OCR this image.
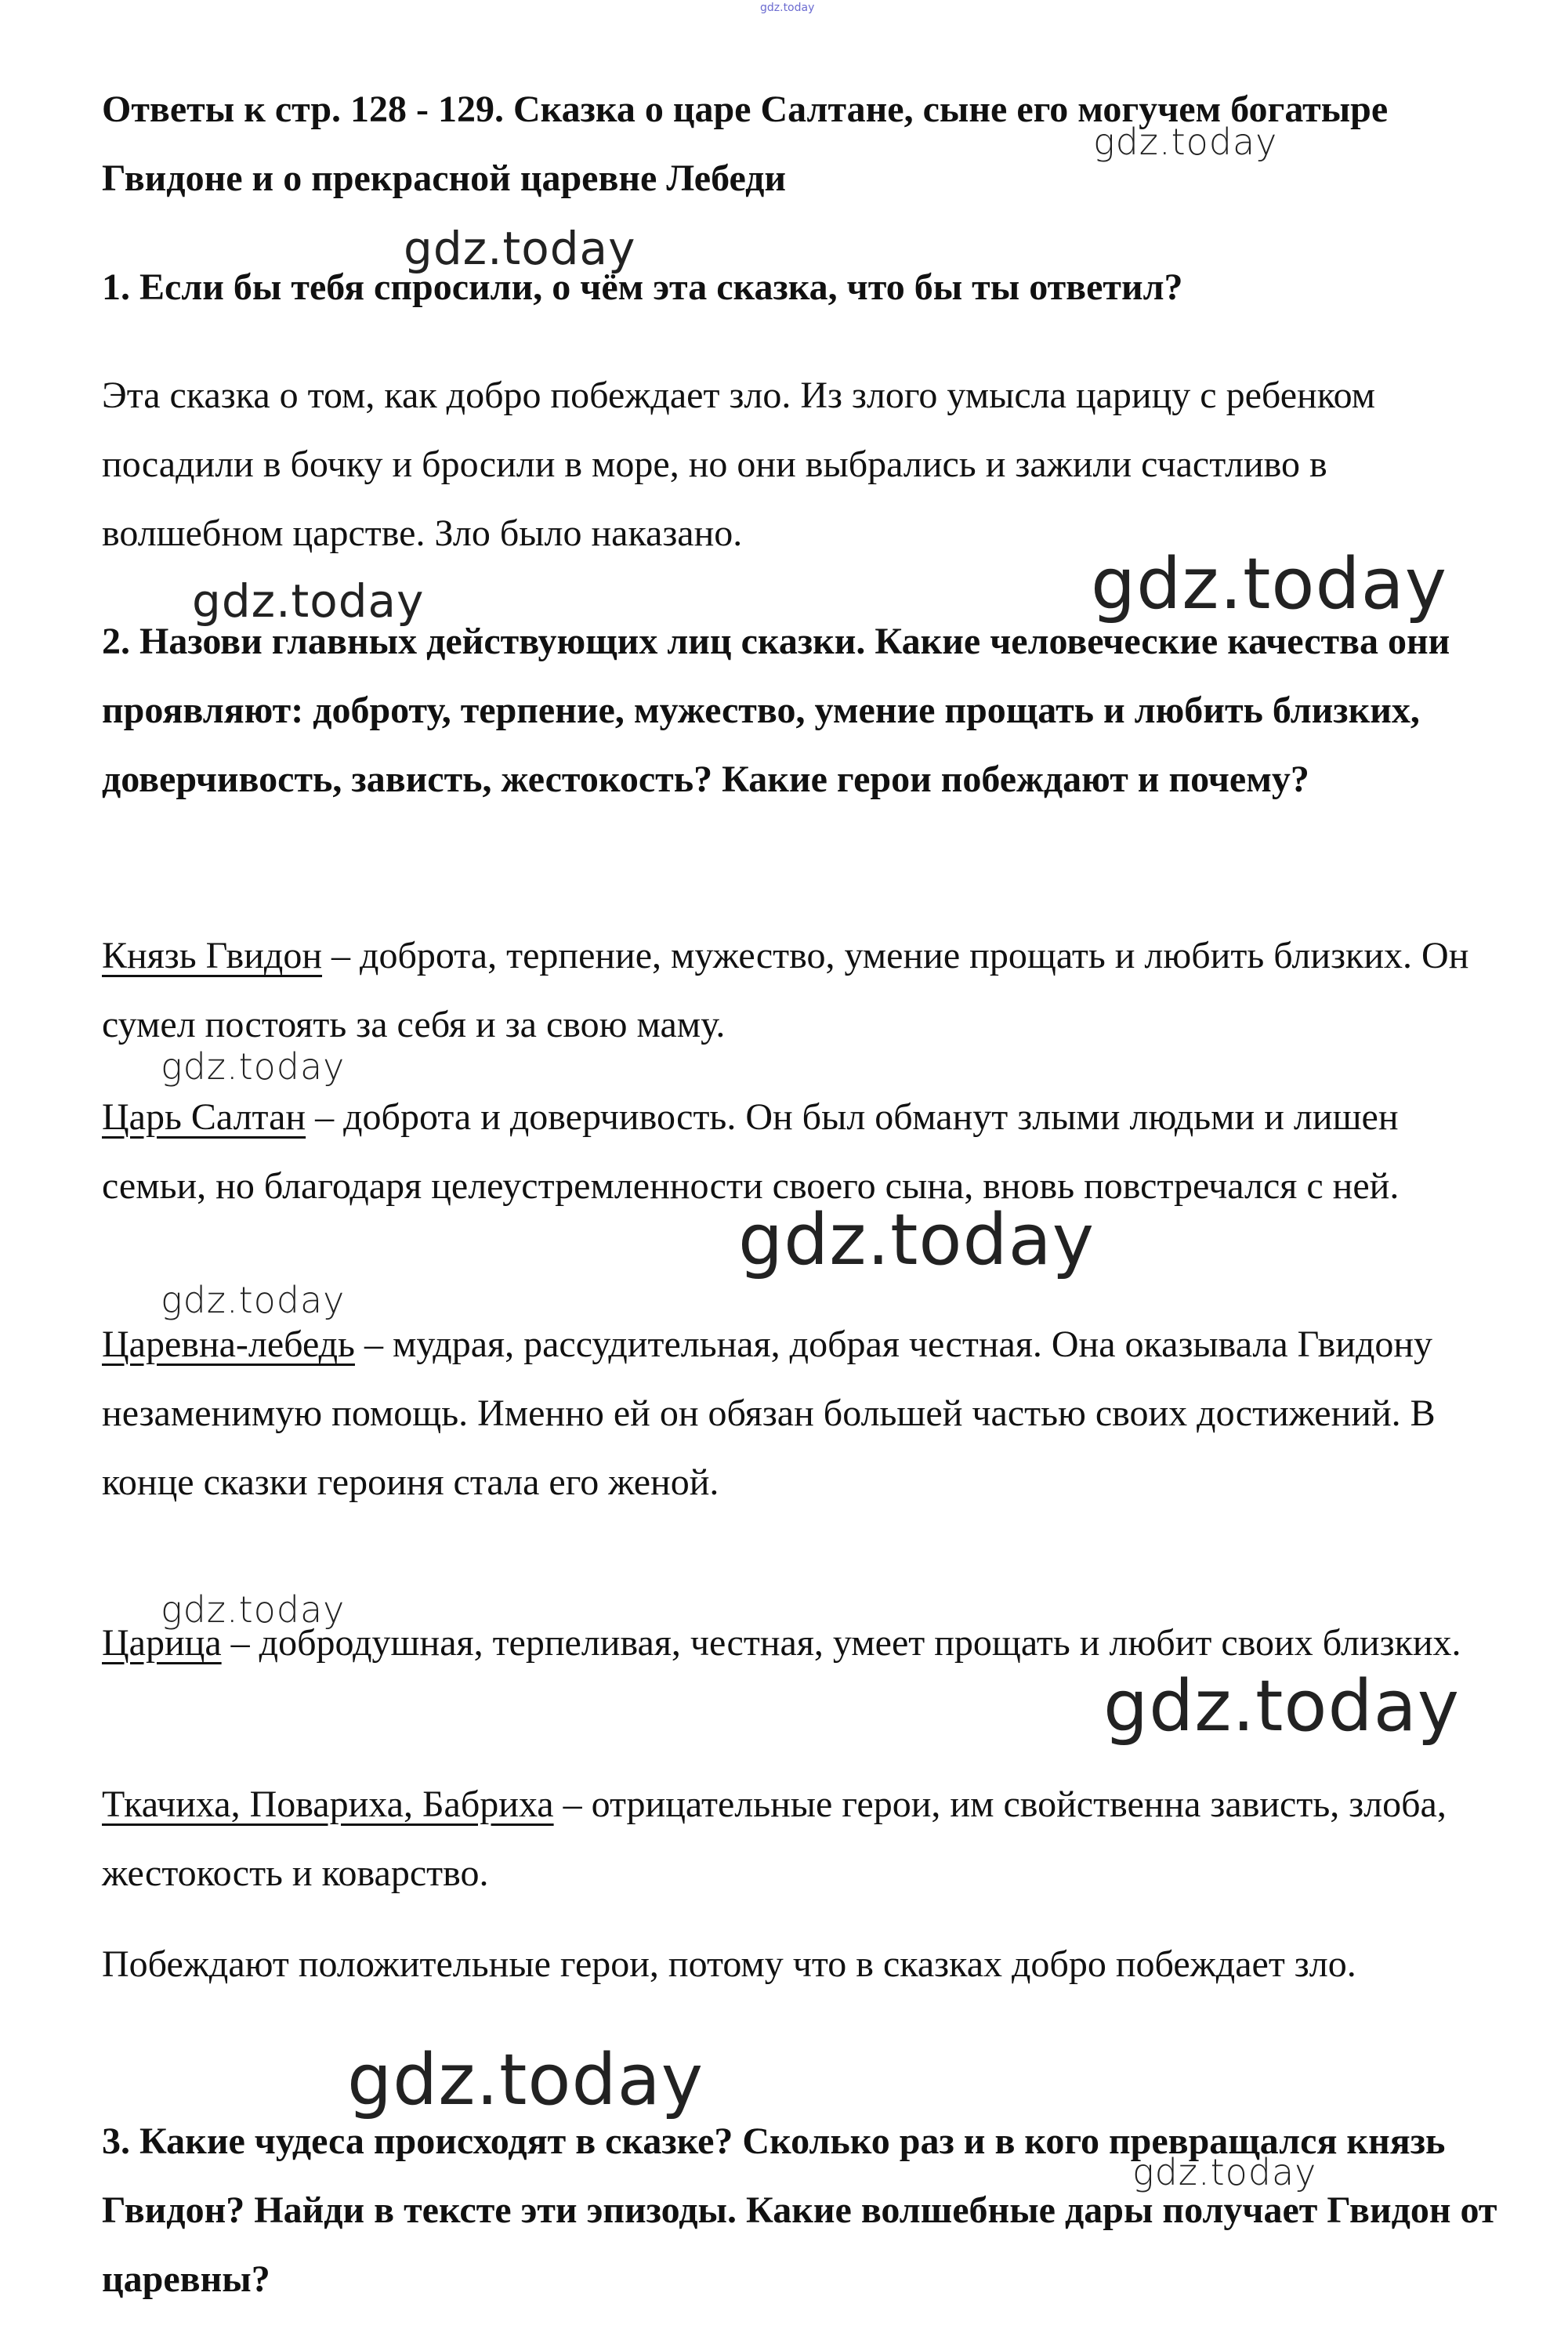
gdz.today
gdz.today
gdz.today
gdz.today	gdz.today
gdz.today
gdz.today
gdz.today
gdz.today
gdz.today
gdz.today
gdz.today

Ответы к стр. 128 - 129. Сказка о царе Салтане, сыне его могучем богатыре Гвидоне и о прекрасной царевне Лебеди

1. Если бы тебя спросили, о чём эта сказка, что бы ты ответил?

Эта сказка о том, как добро побеждает зло. Из злого умысла царицу с ребенком посадили в бочку и бросили в море, но они выбрались и зажили счастливо в волшебном царстве. Зло было наказано.

2. Назови главных действующих лиц сказки. Какие человеческие качества они проявляют: доброту, терпение, мужество, умение прощать и любить близких, доверчивость, зависть, жестокость? Какие герои побеждают и почему?

Князь Гвидон – доброта, терпение, мужество, умение прощать и любить близких. Он сумел постоять за себя и за свою маму.

Царь Салтан – доброта и доверчивость. Он был обманут злыми людьми и лишен семьи, но благодаря целеустремленности своего сына, вновь повстречался с ней.

Царевна-лебедь – мудрая, рассудительная, добрая честная. Она оказывала Гвидону незаменимую помощь. Именно ей он обязан большей частью своих достижений. В конце сказки героиня стала его женой.

Царица – добродушная, терпеливая, честная, умеет прощать и любит своих близких.

Ткачиха, Повариха, Бабриха – отрицательные герои, им свойственна зависть, злоба, жестокость и коварство.

Побеждают положительные герои, потому что в сказках добро побеждает зло.

3. Какие чудеса происходят в сказке? Сколько раз и в кого превращался князь Гвидон? Найди в тексте эти эпизоды. Какие волшебные дары получает Гвидон от царевны?
